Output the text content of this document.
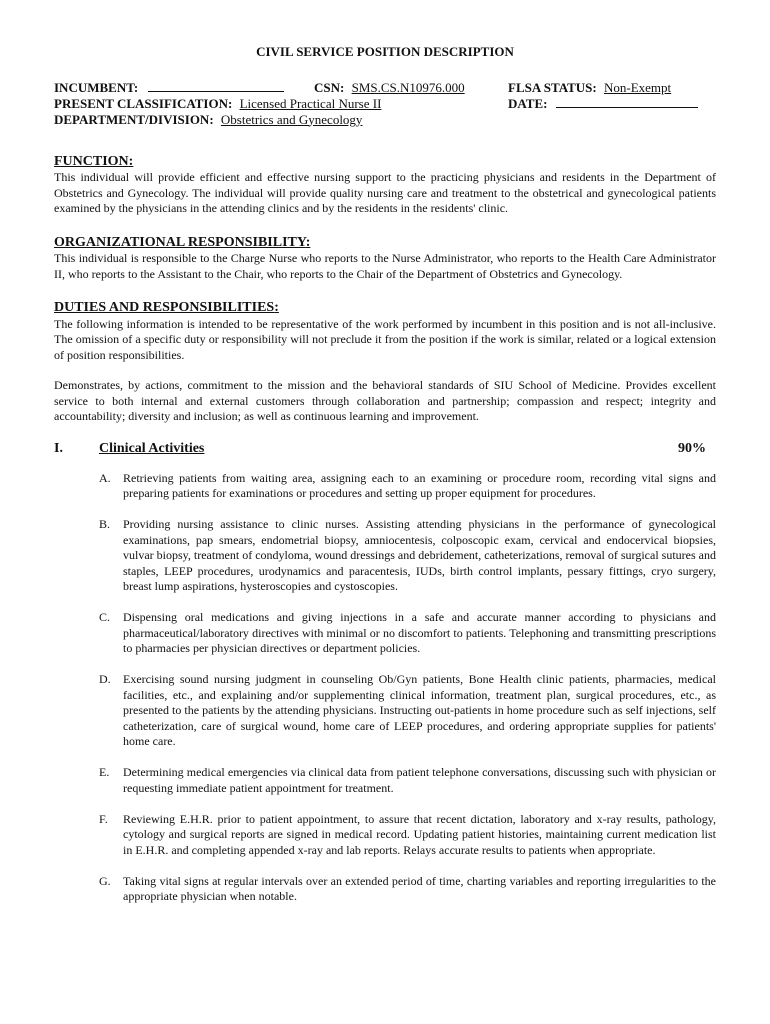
CIVIL SERVICE POSITION DESCRIPTION
INCUMBENT:	CSN: SMS.CS.N10976.000	FLSA STATUS: Non-Exempt
PRESENT CLASSIFICATION: Licensed Practical Nurse II	DATE:
DEPARTMENT/DIVISION: Obstetrics and Gynecology
FUNCTION:

This individual will provide efficient and effective nursing support to the practicing physicians and residents in the Department of Obstetrics and Gynecology. The individual will provide quality nursing care and treatment to the obstetrical and gynecological patients examined by the physicians in the attending clinics and by the residents in the residents' clinic.

ORGANIZATIONAL RESPONSIBILITY:

This individual is responsible to the Charge Nurse who reports to the Nurse Administrator, who reports to the Health Care Administrator II, who reports to the Assistant to the Chair, who reports to the Chair of the Department of Obstetrics and Gynecology.

DUTIES AND RESPONSIBILITIES:

The following information is intended to be representative of the work performed by incumbent in this position and is not all-inclusive. The omission of a specific duty or responsibility will not preclude it from the position if the work is similar, related or a logical extension of position responsibilities.

Demonstrates, by actions, commitment to the mission and the behavioral standards of SIU School of Medicine. Provides excellent service to both internal and external customers through collaboration and partnership; compassion and respect; integrity and accountability; diversity and inclusion; as well as continuous learning and improvement.

I.	Clinical Activities	90%
A. Retrieving patients from waiting area, assigning each to an examining or procedure room, recording vital signs and preparing patients for examinations or procedures and setting up proper equipment for procedures.
B. Providing nursing assistance to clinic nurses. Assisting attending physicians in the performance of gynecological examinations, pap smears, endometrial biopsy, amniocentesis, colposcopic exam, cervical and endocervical biopsies, vulvar biopsy, treatment of condyloma, wound dressings and debridement, catheterizations, removal of surgical sutures and staples, LEEP procedures, urodynamics and paracentesis, IUDs, birth control implants, pessary fittings, cryo surgery, breast lump aspirations, hysteroscopies and cystoscopies.
C. Dispensing oral medications and giving injections in a safe and accurate manner according to physicians and pharmaceutical/laboratory directives with minimal or no discomfort to patients. Telephoning and transmitting prescriptions to pharmacies per physician directives or department policies.
D. Exercising sound nursing judgment in counseling Ob/Gyn patients, Bone Health clinic patients, pharmacies, medical facilities, etc., and explaining and/or supplementing clinical information, treatment plan, surgical procedures, etc., as presented to the patients by the attending physicians. Instructing out-patients in home procedure such as self injections, self catheterization, care of surgical wound, home care of LEEP procedures, and ordering appropriate supplies for patients' home care.
E. Determining medical emergencies via clinical data from patient telephone conversations, discussing such with physician or requesting immediate patient appointment for treatment.
F. Reviewing E.H.R. prior to patient appointment, to assure that recent dictation, laboratory and x-ray results, pathology, cytology and surgical reports are signed in medical record. Updating patient histories, maintaining current medication list in E.H.R. and completing appended x-ray and lab reports. Relays accurate results to patients when appropriate.
G. Taking vital signs at regular intervals over an extended period of time, charting variables and reporting irregularities to the appropriate physician when notable.
